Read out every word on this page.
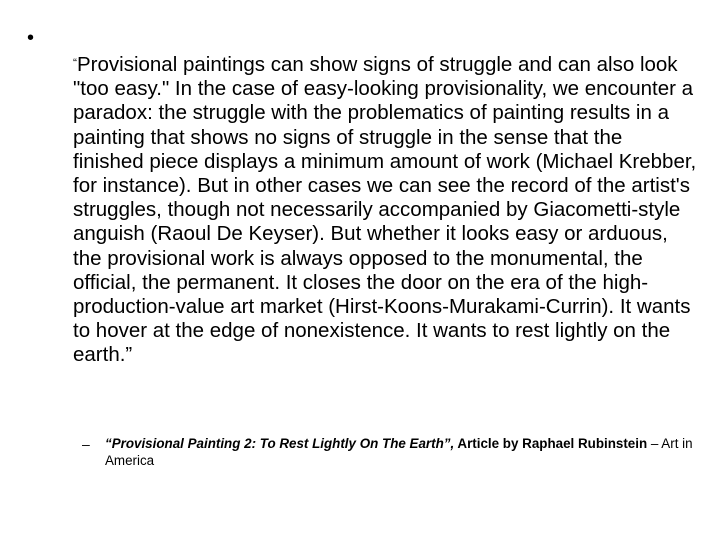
•
“Provisional paintings can show signs of struggle and can also look "too easy." In the case of easy-looking provisionality, we encounter a paradox: the struggle with the problematics of painting results in a painting that shows no signs of struggle in the sense that the finished piece displays a minimum amount of work (Michael Krebber, for instance). But in other cases we can see the record of the artist's struggles, though not necessarily accompanied by Giacometti-style anguish (Raoul De Keyser). But whether it looks easy or arduous, the provisional work is always opposed to the monumental, the official, the permanent. It closes the door on the era of the high-production-value art market (Hirst-Koons-Murakami-Currin). It wants to hover at the edge of nonexistence. It wants to rest lightly on the earth.”
– “Provisional Painting 2: To Rest Lightly On The Earth”, Article by Raphael Rubinstein – Art in America
